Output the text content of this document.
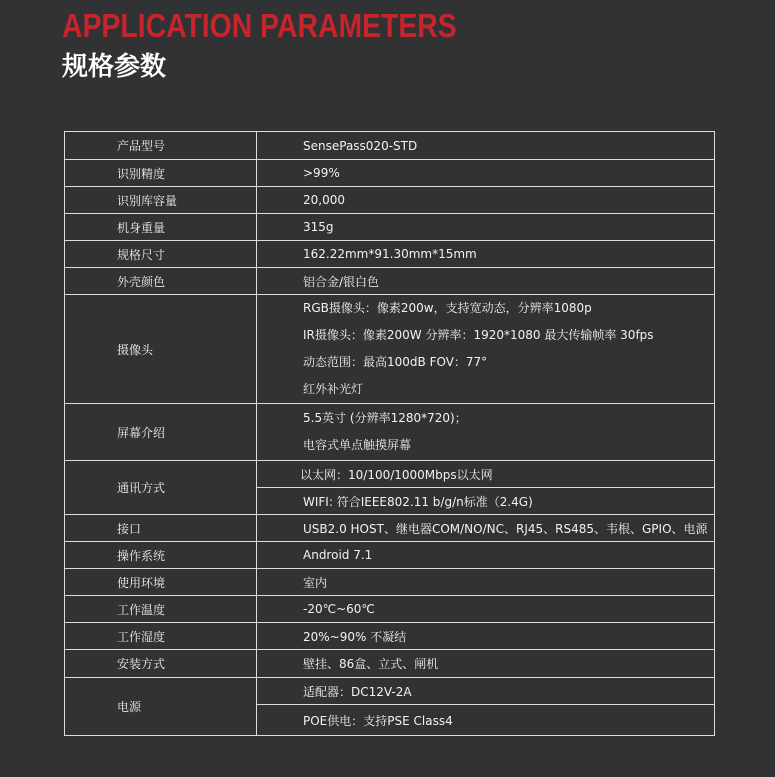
APPLICATION PARAMETERS
规格参数
产品型号	SensePass020-STD
识别精度	>99%
识别库容量	20,000
机身重量	315g
规格尺寸	162.22mm*91.30mm*15mm
外壳颜色	铝合金/银白色
摄像头	RGB摄像头：像素200w，支持宽动态，分辨率1080p
IR摄像头：像素200W 分辨率：1920*1080 最大传输帧率 30fps
动态范围：最高100dB FOV：77°
红外补光灯

屏幕介绍	5.5英寸 (分辨率1280*720)；
电容式单点触摸屏幕

通讯方式	以太网：10/100/1000Mbps以太网
	WIFI: 符合IEEE802.11 b/g/n标准（2.4G)
接口	USB2.0 HOST、继电器COM/NO/NC、RJ45、RS485、韦根、GPIO、电源
操作系统	Android 7.1
使用环境	室内
工作温度	-20℃~60℃
工作湿度	20%~90% 不凝结
安装方式	壁挂、86盒、立式、闸机
电源	适配器：DC12V-2A
	POE供电：支持PSE Class4
